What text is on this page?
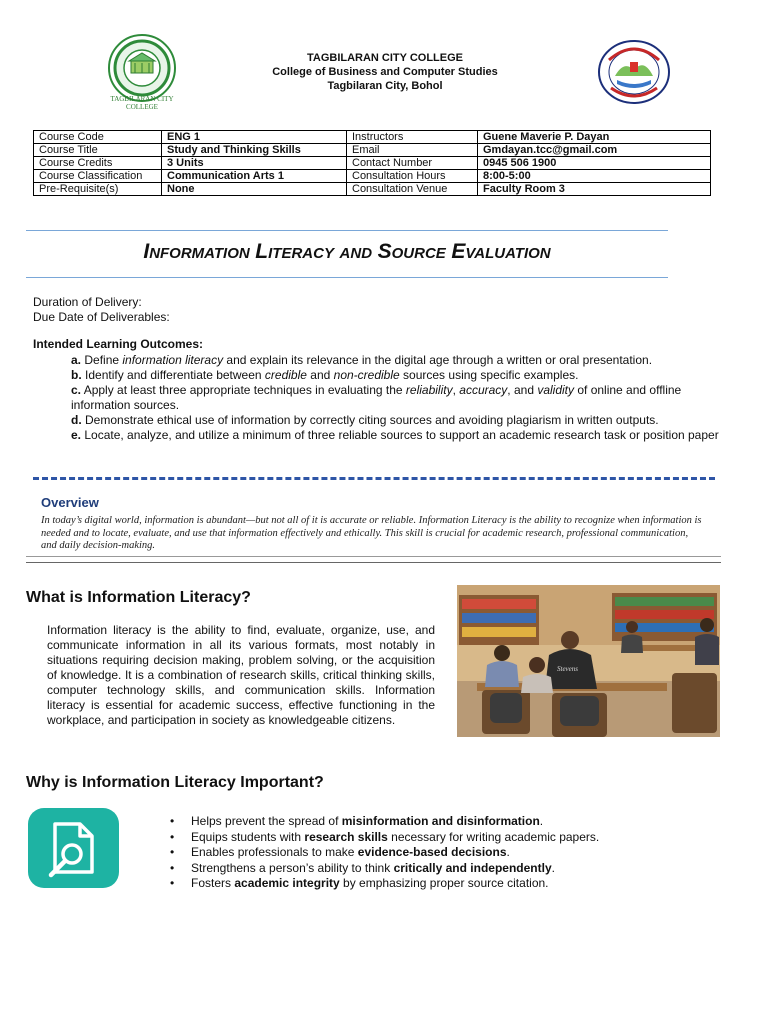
TAGBILARAN CITY
COLLEGE
TAGBILARAN CITY COLLEGE
College of Business and Computer Studies
Tagbilaran City, Bohol
Course Code	ENG 1	Instructors	Guene Maverie P. Dayan
Course Title	Study and Thinking Skills	Email	Gmdayan.tcc@gmail.com
Course Credits	3 Units	Contact Number	0945 506 1900
Course Classification	Communication Arts 1	Consultation Hours	8:00-5:00
Pre-Requisite(s)	None	Consultation Venue	Faculty Room 3
INFORMATION LITERACY AND SOURCE EVALUATION
Duration of Delivery:
Due Date of Deliverables:
Intended Learning Outcomes:
a. Define information literacy and explain its relevance in the digital age through a written or oral presentation.
b. Identify and differentiate between credible and non-credible sources using specific examples.
c. Apply at least three appropriate techniques in evaluating the reliability, accuracy, and validity of online and offline information sources.
d. Demonstrate ethical use of information by correctly citing sources and avoiding plagiarism in written outputs.
e. Locate, analyze, and utilize a minimum of three reliable sources to support an academic research task or position paper
Overview
In today’s digital world, information is abundant—but not all of it is accurate or reliable. Information Literacy is the ability to recognize when information is needed and to locate, evaluate, and use that information effectively and ethically. This skill is crucial for academic research, professional communication, and daily decision-making.
What is Information Literacy?
Information literacy is the ability to find, evaluate, organize, use, and communicate information in all its various formats, most notably in situations requiring decision making, problem solving, or the acquisition of knowledge. It is a combination of research skills, critical thinking skills, computer technology skills, and communication skills. Information literacy is essential for academic success, effective functioning in the workplace, and participation in society as knowledgeable citizens.
Stevens
Why is Information Literacy Important?
• Helps prevent the spread of misinformation and disinformation.
• Equips students with research skills necessary for writing academic papers.
• Enables professionals to make evidence-based decisions.
• Strengthens a person’s ability to think critically and independently.
• Fosters academic integrity by emphasizing proper source citation.
